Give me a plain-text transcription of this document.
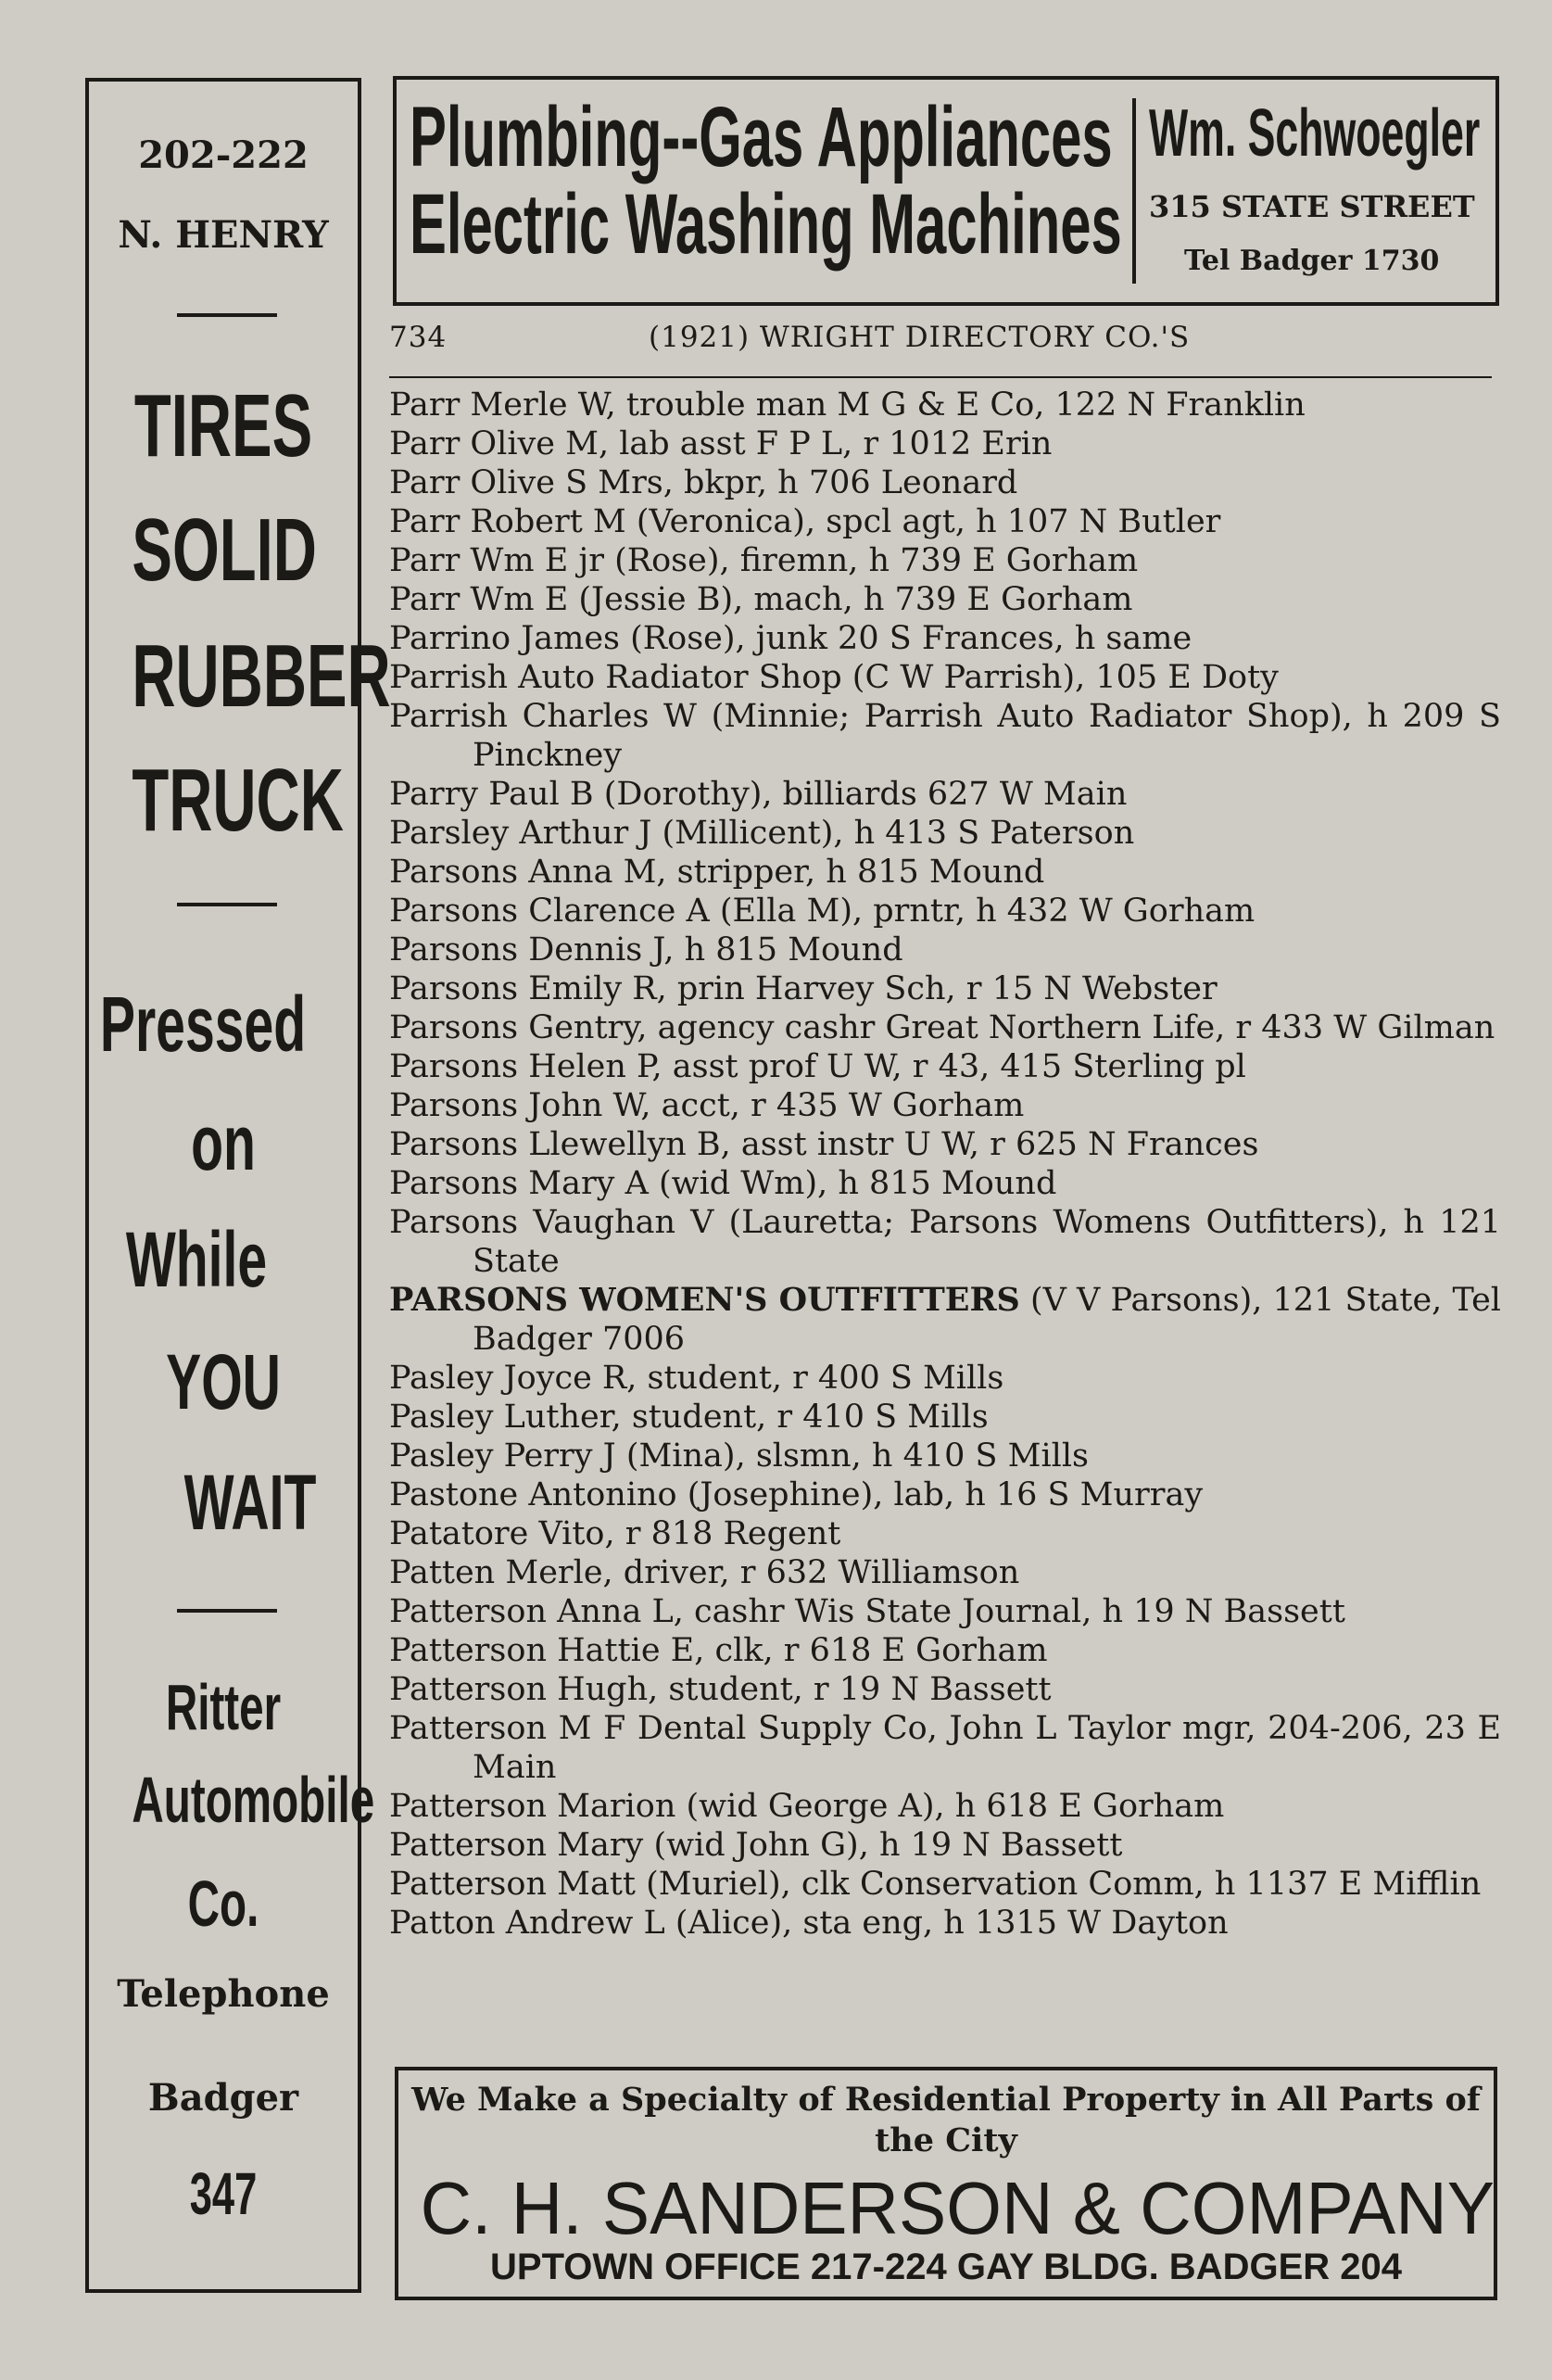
202-222
N. HENRY
TIRES
SOLID
RUBBER
TRUCK
Pressed
on
While
YOU
WAIT
Ritter
Automobile
Co.
Telephone
Badger
347
Plumbing--Gas Appliances
Electric Washing Machines
Wm. Schwoegler
315 STATE STREET
Tel Badger 1730
734	(1921) WRIGHT DIRECTORY CO.'S
Parr Merle W, trouble man M G & E Co, 122 N Franklin
Parr Olive M, lab asst F P L, r 1012 Erin
Parr Olive S Mrs, bkpr, h 706 Leonard
Parr Robert M (Veronica), spcl agt, h 107 N Butler
Parr Wm E jr (Rose), firemn, h 739 E Gorham
Parr Wm E (Jessie B), mach, h 739 E Gorham
Parrino James (Rose), junk 20 S Frances, h same
Parrish Auto Radiator Shop (C W Parrish), 105 E Doty
Parrish Charles W (Minnie; Parrish Auto Radiator Shop), h 209 S Pinckney
Parry Paul B (Dorothy), billiards 627 W Main
Parsley Arthur J (Millicent), h 413 S Paterson
Parsons Anna M, stripper, h 815 Mound
Parsons Clarence A (Ella M), prntr, h 432 W Gorham
Parsons Dennis J, h 815 Mound
Parsons Emily R, prin Harvey Sch, r 15 N Webster
Parsons Gentry, agency cashr Great Northern Life, r 433 W Gilman
Parsons Helen P, asst prof U W, r 43, 415 Sterling pl
Parsons John W, acct, r 435 W Gorham
Parsons Llewellyn B, asst instr U W, r 625 N Frances
Parsons Mary A (wid Wm), h 815 Mound
Parsons Vaughan V (Lauretta; Parsons Womens Outfitters), h 121 State
PARSONS WOMEN'S OUTFITTERS (V V Parsons), 121 State, Tel Badger 7006
Pasley Joyce R, student, r 400 S Mills
Pasley Luther, student, r 410 S Mills
Pasley Perry J (Mina), slsmn, h 410 S Mills
Pastone Antonino (Josephine), lab, h 16 S Murray
Patatore Vito, r 818 Regent
Patten Merle, driver, r 632 Williamson
Patterson Anna L, cashr Wis State Journal, h 19 N Bassett
Patterson Hattie E, clk, r 618 E Gorham
Patterson Hugh, student, r 19 N Bassett
Patterson M F Dental Supply Co, John L Taylor mgr, 204-206, 23 E Main
Patterson Marion (wid George A), h 618 E Gorham
Patterson Mary (wid John G), h 19 N Bassett
Patterson Matt (Muriel), clk Conservation Comm, h 1137 E Mifflin
Patton Andrew L (Alice), sta eng, h 1315 W Dayton
We Make a Specialty of Residential Property in All Parts of the City
C. H. SANDERSON & COMPANY
UPTOWN OFFICE 217-224 GAY BLDG. BADGER 204
